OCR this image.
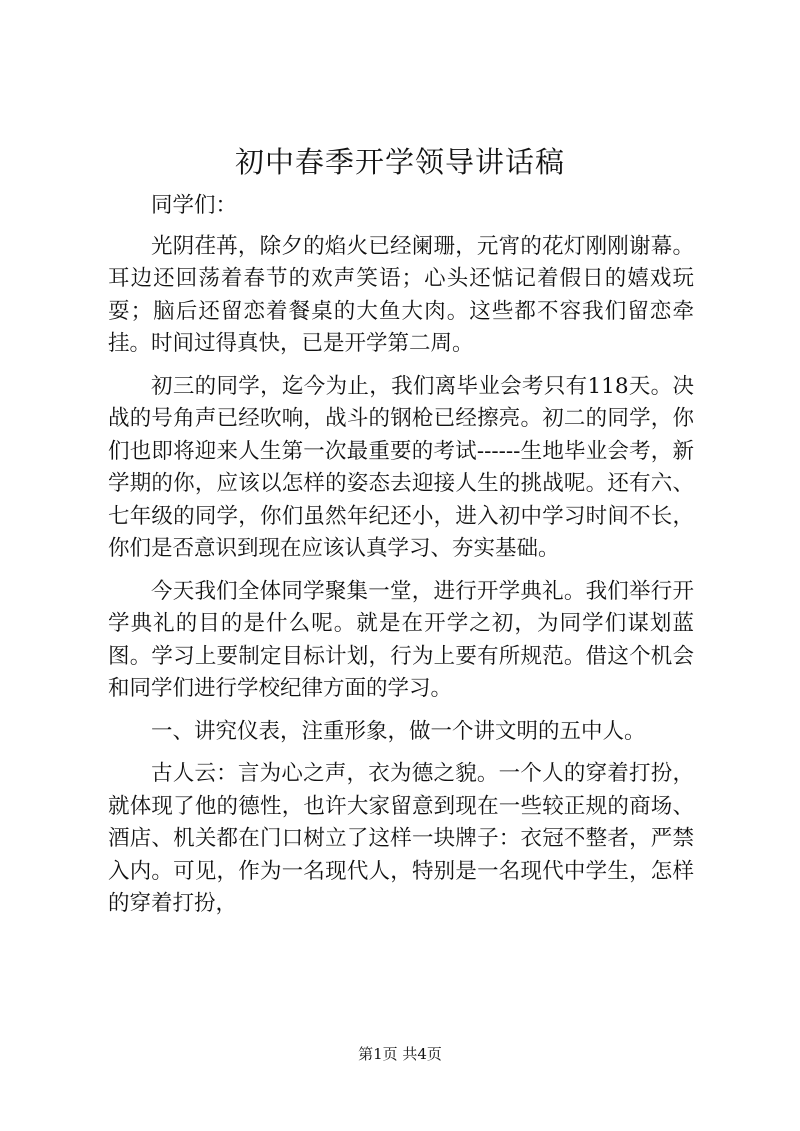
初中春季开学领导讲话稿

同学们：

光阴荏苒，除夕的焰火已经阑珊，元宵的花灯刚刚谢幕。耳边还回荡着春节的欢声笑语；心头还惦记着假日的嬉戏玩耍；脑后还留恋着餐桌的大鱼大肉。这些都不容我们留恋牵挂。时间过得真快，已是开学第二周。

初三的同学，迄今为止，我们离毕业会考只有118天。决战的号角声已经吹响，战斗的钢枪已经擦亮。初二的同学，你们也即将迎来人生第一次最重要的考试------生地毕业会考，新学期的你，应该以怎样的姿态去迎接人生的挑战呢。还有六、七年级的同学，你们虽然年纪还小，进入初中学习时间不长，你们是否意识到现在应该认真学习、夯实基础。

今天我们全体同学聚集一堂，进行开学典礼。我们举行开学典礼的目的是什么呢。就是在开学之初，为同学们谋划蓝图。学习上要制定目标计划，行为上要有所规范。借这个机会和同学们进行学校纪律方面的学习。

一、讲究仪表，注重形象，做一个讲文明的五中人。

古人云：言为心之声，衣为德之貌。一个人的穿着打扮，就体现了他的德性，也许大家留意到现在一些较正规的商场、酒店、机关都在门口树立了这样一块牌子：衣冠不整者，严禁入内。可见，作为一名现代人，特别是一名现代中学生，怎样的穿着打扮，

第1页 共4页
